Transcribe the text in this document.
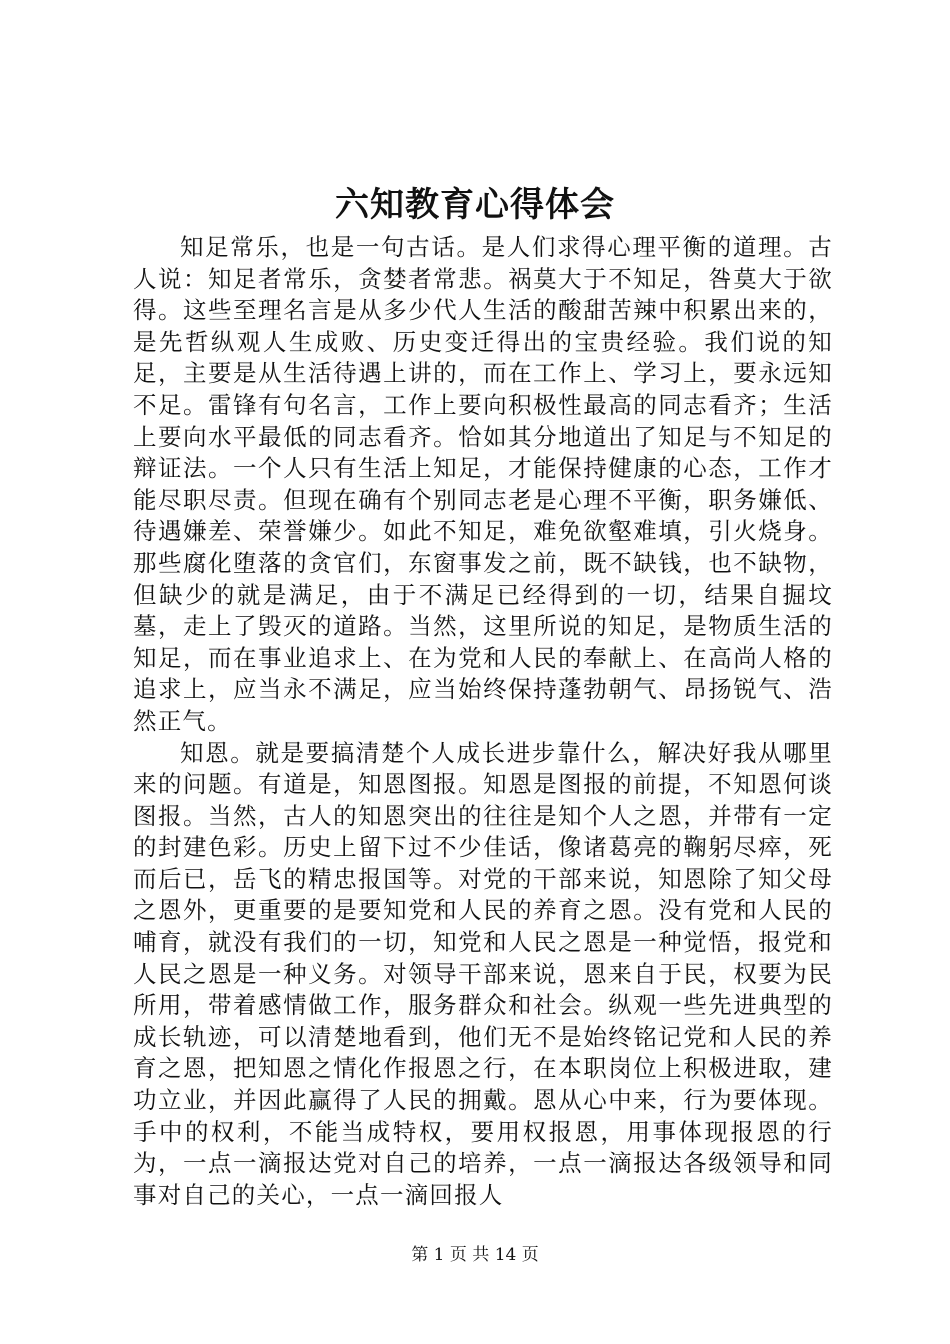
六知教育心得体会

知足常乐，也是一句古话。是人们求得心理平衡的道理。古人说：知足者常乐，贪婪者常悲。祸莫大于不知足，咎莫大于欲得。这些至理名言是从多少代人生活的酸甜苦辣中积累出来的，是先哲纵观人生成败、历史变迁得出的宝贵经验。我们说的知足，主要是从生活待遇上讲的，而在工作上、学习上，要永远知不足。雷锋有句名言，工作上要向积极性最高的同志看齐；生活上要向水平最低的同志看齐。恰如其分地道出了知足与不知足的辩证法。一个人只有生活上知足，才能保持健康的心态，工作才能尽职尽责。但现在确有个别同志老是心理不平衡，职务嫌低、待遇嫌差、荣誉嫌少。如此不知足，难免欲壑难填，引火烧身。那些腐化堕落的贪官们，东窗事发之前，既不缺钱，也不缺物，但缺少的就是满足，由于不满足已经得到的一切，结果自掘坟墓，走上了毁灭的道路。当然，这里所说的知足，是物质生活的知足，而在事业追求上、在为党和人民的奉献上、在高尚人格的追求上，应当永不满足，应当始终保持蓬勃朝气、昂扬锐气、浩然正气。

知恩。就是要搞清楚个人成长进步靠什么，解决好我从哪里来的问题。有道是，知恩图报。知恩是图报的前提，不知恩何谈图报。当然，古人的知恩突出的往往是知个人之恩，并带有一定的封建色彩。历史上留下过不少佳话，像诸葛亮的鞠躬尽瘁，死而后已，岳飞的精忠报国等。对党的干部来说，知恩除了知父母之恩外，更重要的是要知党和人民的养育之恩。没有党和人民的哺育，就没有我们的一切，知党和人民之恩是一种觉悟，报党和人民之恩是一种义务。对领导干部来说，恩来自于民，权要为民所用，带着感情做工作，服务群众和社会。纵观一些先进典型的成长轨迹，可以清楚地看到，他们无不是始终铭记党和人民的养育之恩，把知恩之情化作报恩之行，在本职岗位上积极进取，建功立业，并因此赢得了人民的拥戴。恩从心中来，行为要体现。手中的权利，不能当成特权，要用权报恩，用事体现报恩的行为，一点一滴报达党对自己的培养，一点一滴报达各级领导和同事对自己的关心，一点一滴回报人

第 1 页 共 14 页
